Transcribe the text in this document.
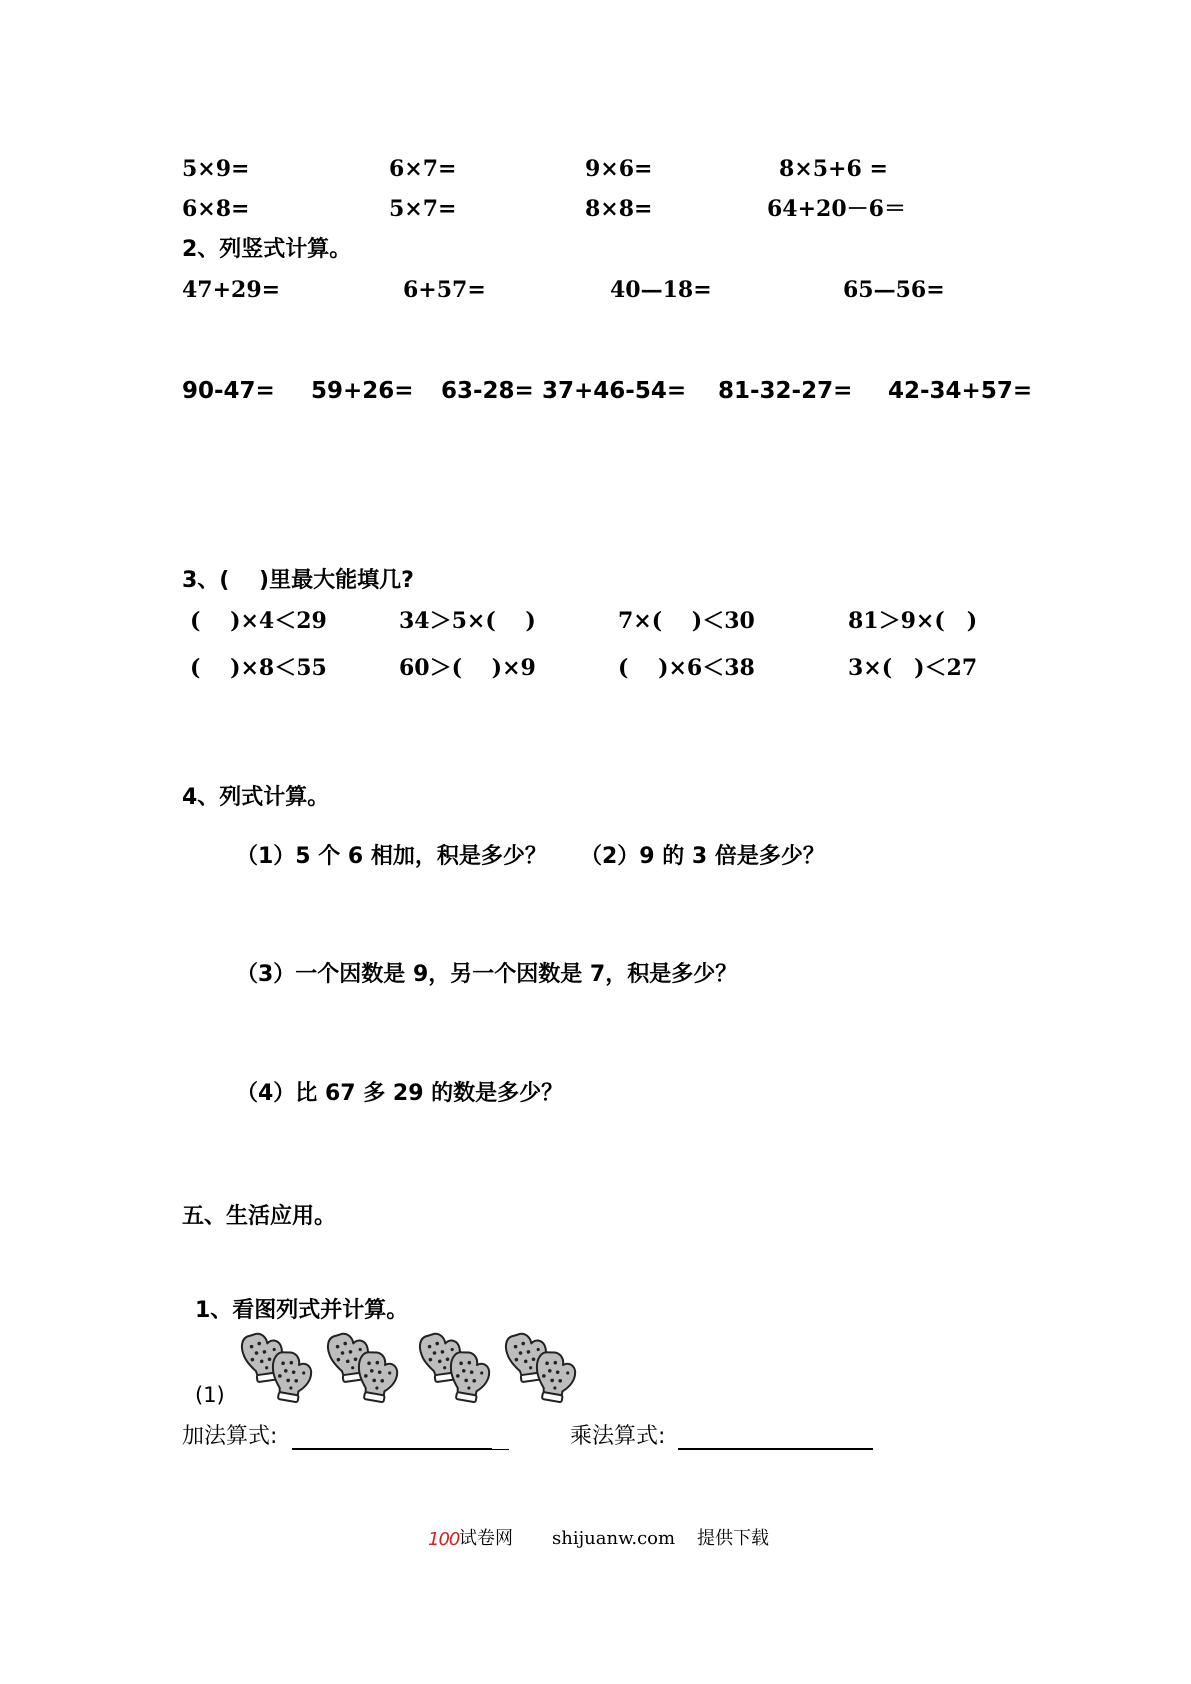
5×9=	6×7=	9×6=	8×5+6 =
6×8=	5×7=	8×8=	64+20－6＝
2、列竖式计算。
47+29=	6+57=	40—18=	65—56=
90-47= 59+26= 63-28= 37+46-54= 81-32-27= 42-34+57=
3、(　 )里最大能填几?
(　 )×4＜29	34＞5×(　 )	7×(　 )＜30	81＞9×(　)
(　 )×8＜55	60＞(　 )×9	(　 )×6＜38	3×(　)＜27
4、列式计算。
（1）5 个 6 相加，积是多少？ （2）9 的 3 倍是多少？
（3）一个因数是 9，另一个因数是 7，积是多少？
（4）比 67 多 29 的数是多少？
五、生活应用。
1、看图列式并计算。
(1)
加法算式:	乘法算式:
100 试卷网 shijuanw.com 提供下载
